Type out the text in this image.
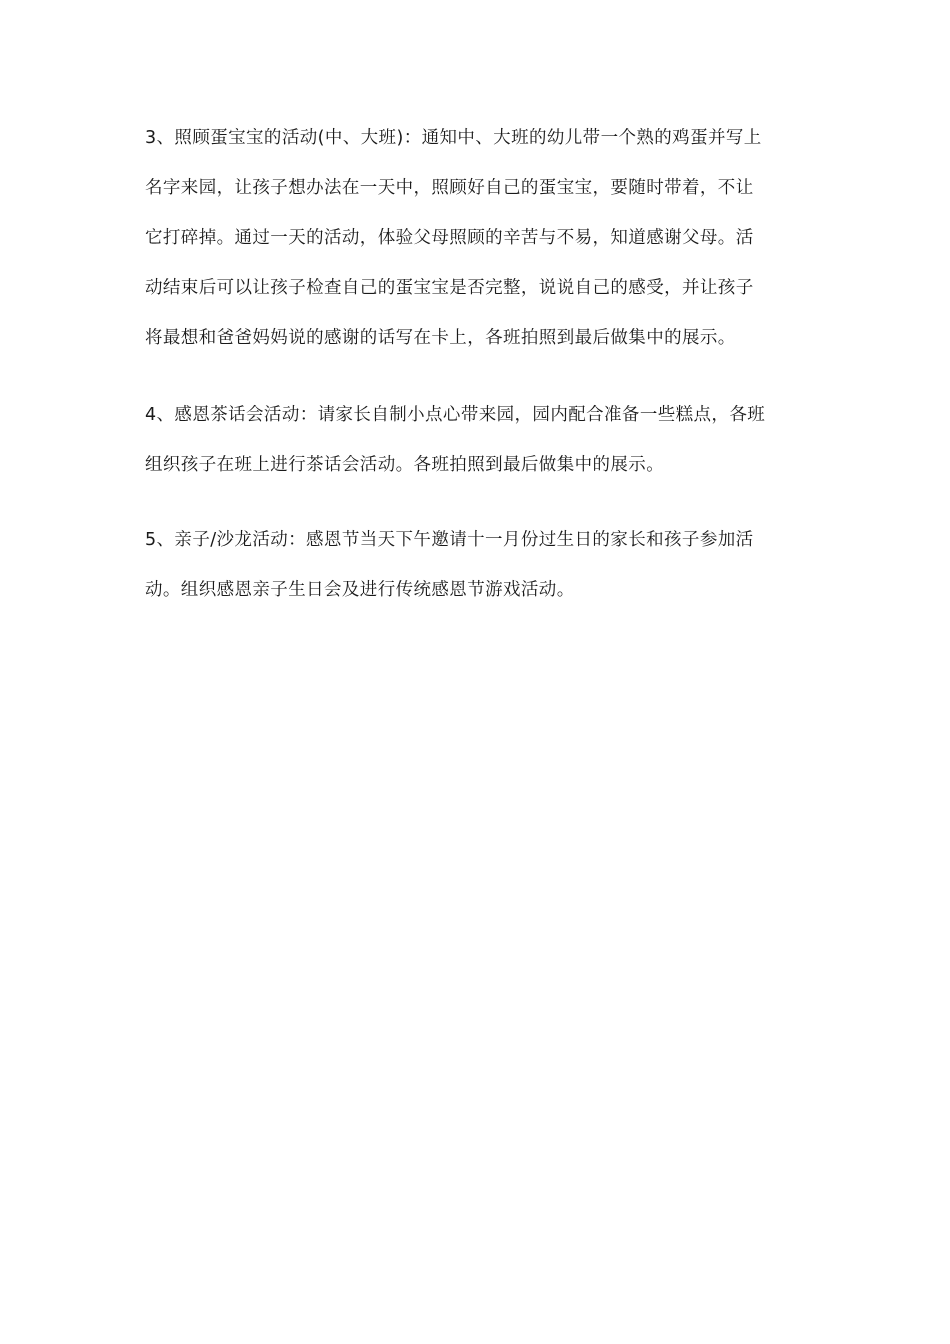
3、照顾蛋宝宝的活动(中、大班)：通知中、大班的幼儿带一个熟的鸡蛋并写上
名字来园，让孩子想办法在一天中，照顾好自己的蛋宝宝，要随时带着，不让
它打碎掉。通过一天的活动，体验父母照顾的辛苦与不易，知道感谢父母。活
动结束后可以让孩子检查自己的蛋宝宝是否完整，说说自己的感受，并让孩子
将最想和爸爸妈妈说的感谢的话写在卡上，各班拍照到最后做集中的展示。
4、感恩茶话会活动：请家长自制小点心带来园，园内配合准备一些糕点，各班
组织孩子在班上进行茶话会活动。各班拍照到最后做集中的展示。
5、亲子/沙龙活动：感恩节当天下午邀请十一月份过生日的家长和孩子参加活
动。组织感恩亲子生日会及进行传统感恩节游戏活动。
